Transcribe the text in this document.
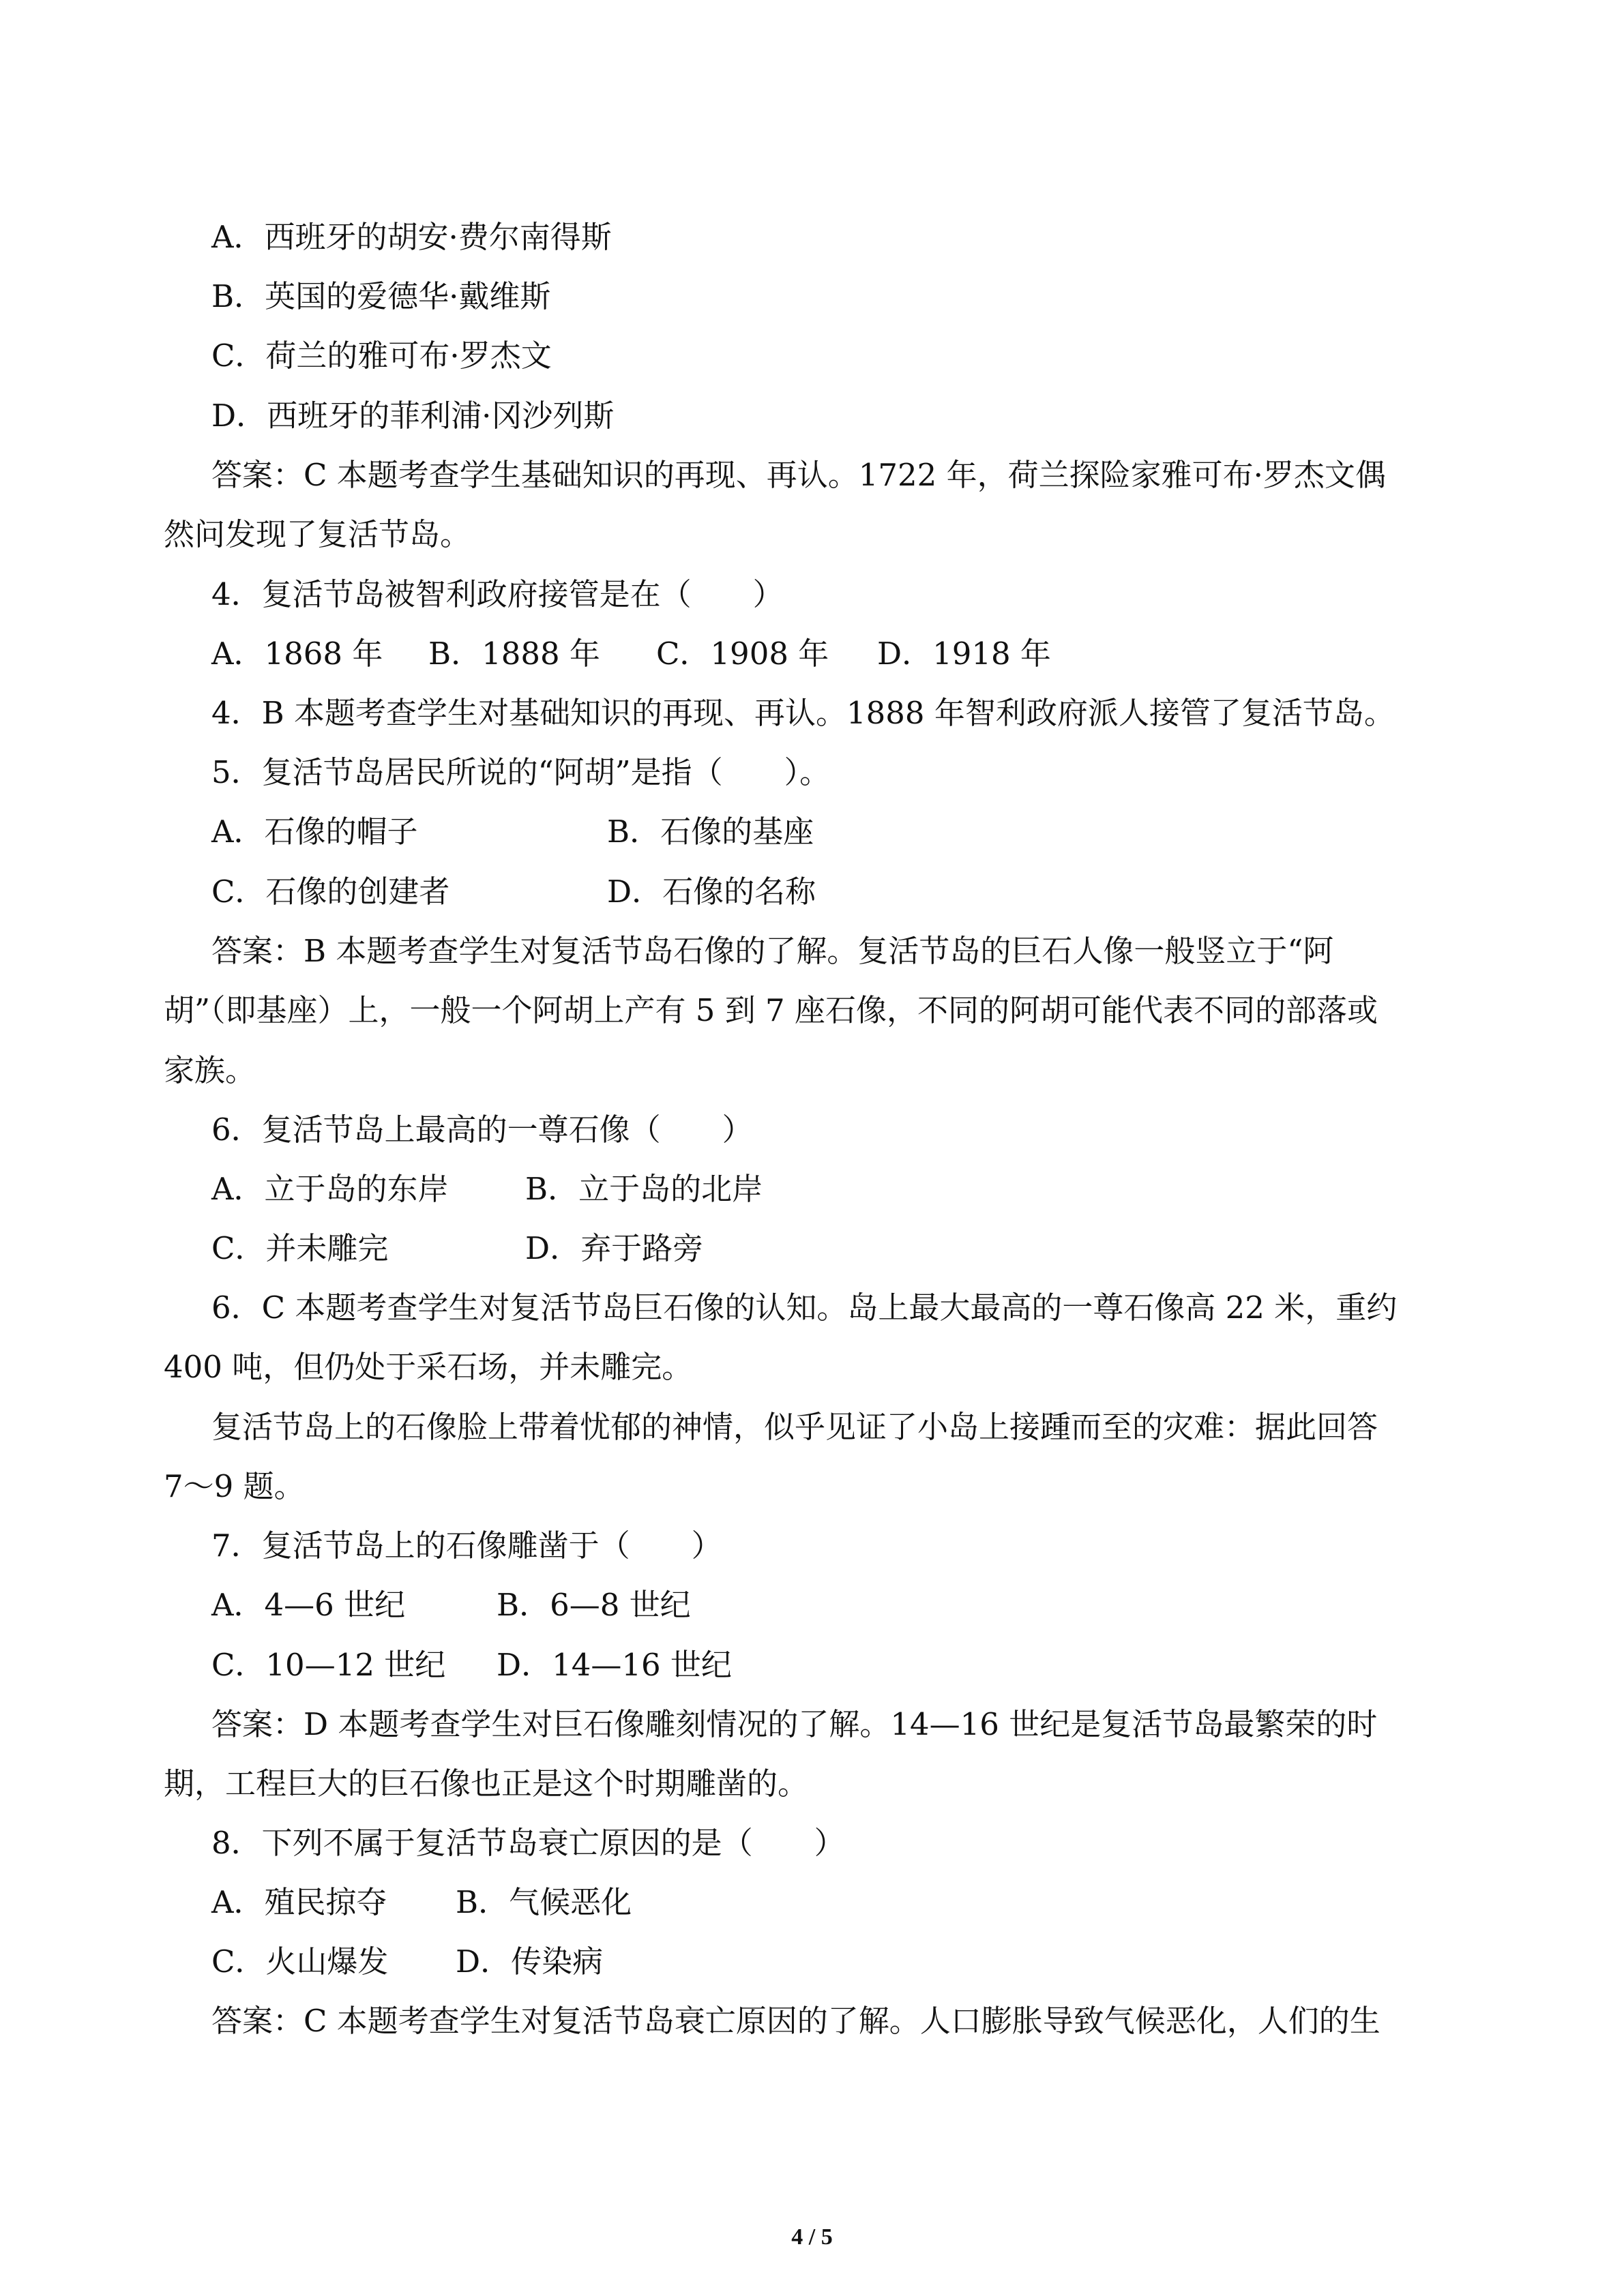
A．西班牙的胡安·费尔南得斯
B．英国的爱德华·戴维斯
C．荷兰的雅可布·罗杰文
D．西班牙的菲利浦·冈沙列斯
答案：C 本题考查学生基础知识的再现、再认。1722 年，荷兰探险家雅可布·罗杰文偶
然问发现了复活节岛。
4．复活节岛被智利政府接管是在（　　）
A．1868 年 B．1888 年 C．1908 年 D．1918 年
4．B 本题考查学生对基础知识的再现、再认。1888 年智利政府派人接管了复活节岛。
5．复活节岛居民所说的“阿胡”是指（　　）。
A．石像的帽子	B．石像的基座
C．石像的创建者	D．石像的名称
答案：B 本题考查学生对复活节岛石像的了解。复活节岛的巨石人像一般竖立于“阿
胡”（即基座）上，一般一个阿胡上产有 5 到 7 座石像，不同的阿胡可能代表不同的部落或
家族。
6．复活节岛上最高的一尊石像（　　）
A．立于岛的东岸	B．立于岛的北岸
C．并未雕完	D．弃于路旁
6．C 本题考查学生对复活节岛巨石像的认知。岛上最大最高的一尊石像高 22 米，重约
400 吨，但仍处于采石场，并未雕完。
复活节岛上的石像脸上带着忧郁的神情，似乎见证了小岛上接踵而至的灾难：据此回答
7～9 题。
7．复活节岛上的石像雕凿于（　　）
A．4—6 世纪	B．6—8 世纪
C．10—12 世纪 D．14—16 世纪
答案：D 本题考查学生对巨石像雕刻情况的了解。14—16 世纪是复活节岛最繁荣的时
期，工程巨大的巨石像也正是这个时期雕凿的。
8．下列不属于复活节岛衰亡原因的是（　　）
A．殖民掠夺 B．气候恶化
C．火山爆发 D．传染病
答案：C 本题考查学生对复活节岛衰亡原因的了解。人口膨胀导致气候恶化，人们的生
4 / 5
